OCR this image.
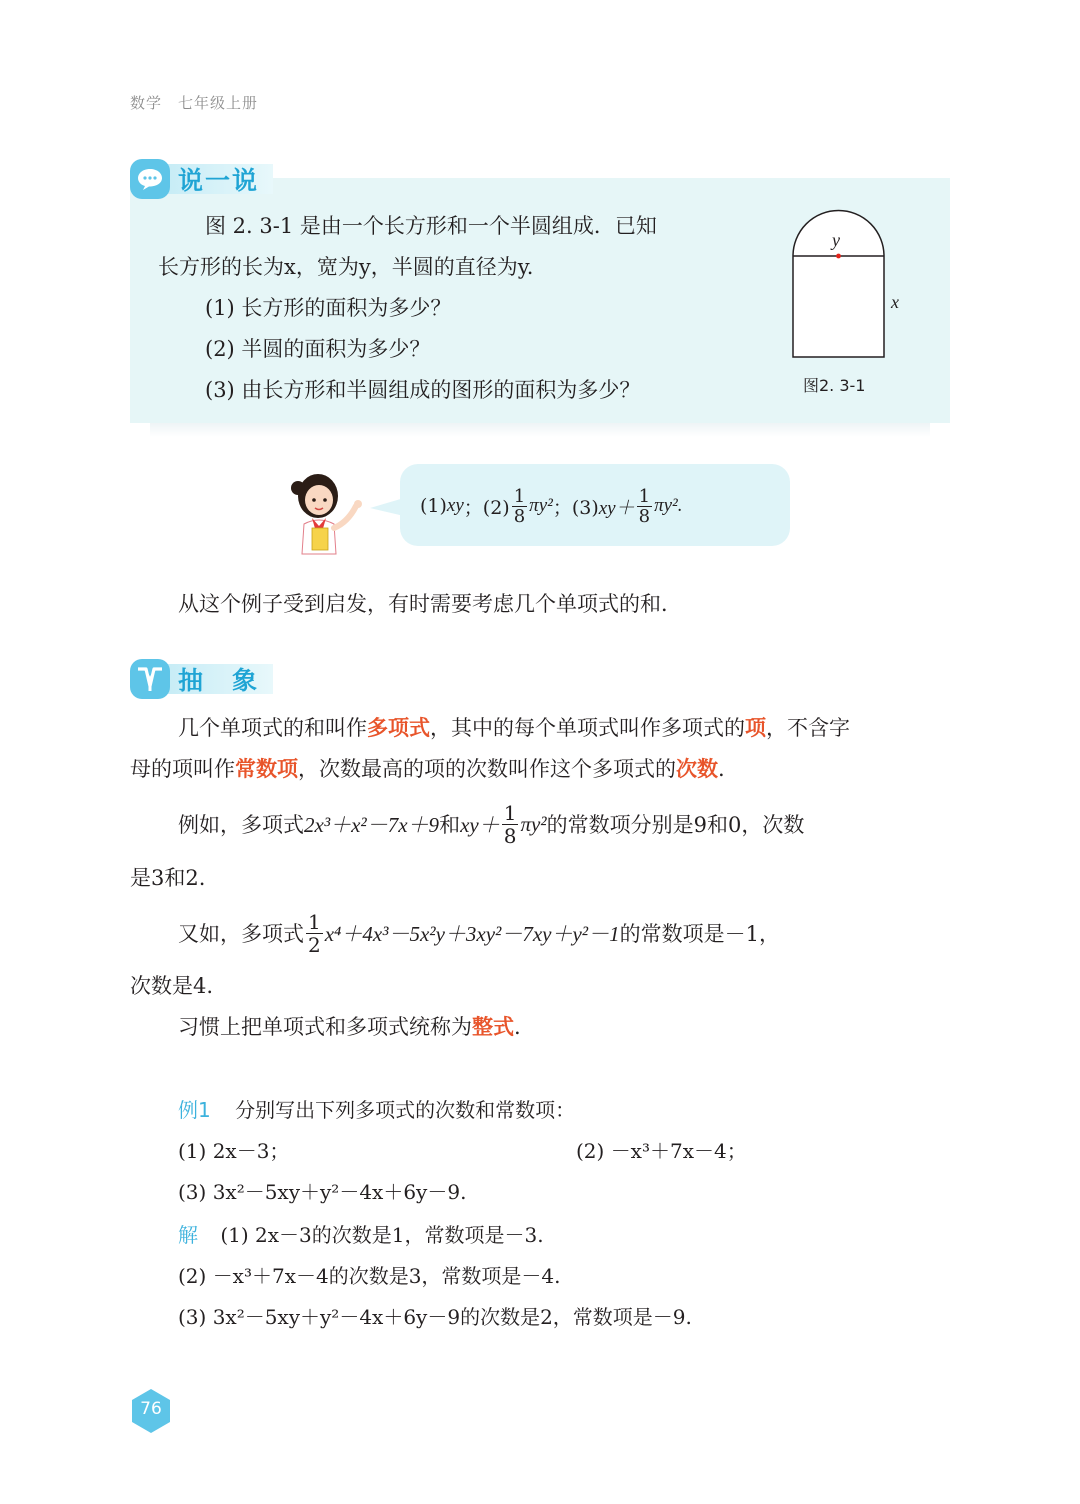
数学 七年级上册
说一说
图 2. 3-1 是由一个长方形和一个半圆组成．已知
长方形的长为x，宽为y，半圆的直径为y.
(1) 长方形的面积为多少？
(2) 半圆的面积为多少？
(3) 由长方形和半圆组成的图形的面积为多少？
y
x
图2. 3-1
(1) xy ；$(2) \frac{1}{8} \pi y^2$ ；(3) $xy+ \frac{1}{8} \pi y^2$.
从这个例子受到启发，有时需要考虑几个单项式的和．
抽　象
几个单项式的和叫作多项式，其中的每个单项式叫作多项式的项，不含字
母的项叫作常数项，次数最高的项的次数叫作这个多项式的次数.
例如，多项式 2x³＋x²－7x＋9 和 $xy+ \frac{1}{8} \pi y^2$ 的常数项分别是9和0，次数
是3和2.
又如，多项式 $\frac{1}{2} x^4+4x^3-5x^2y+3xy^2-7xy+y^2-1$ 的常数项是－1，
次数是4.
习惯上把单项式和多项式统称为整式.
例1 分别写出下列多项式的次数和常数项：
(1) 2x－3；	(2) －x³＋7x－4；
(3) 3x²－5xy＋y²－4x＋6y－9.
解 (1) 2x－3的次数是1，常数项是－3.
(2) －x³＋7x－4的次数是3，常数项是－4.
(3) 3x²－5xy＋y²－4x＋6y－9的次数是2，常数项是－9.
76
